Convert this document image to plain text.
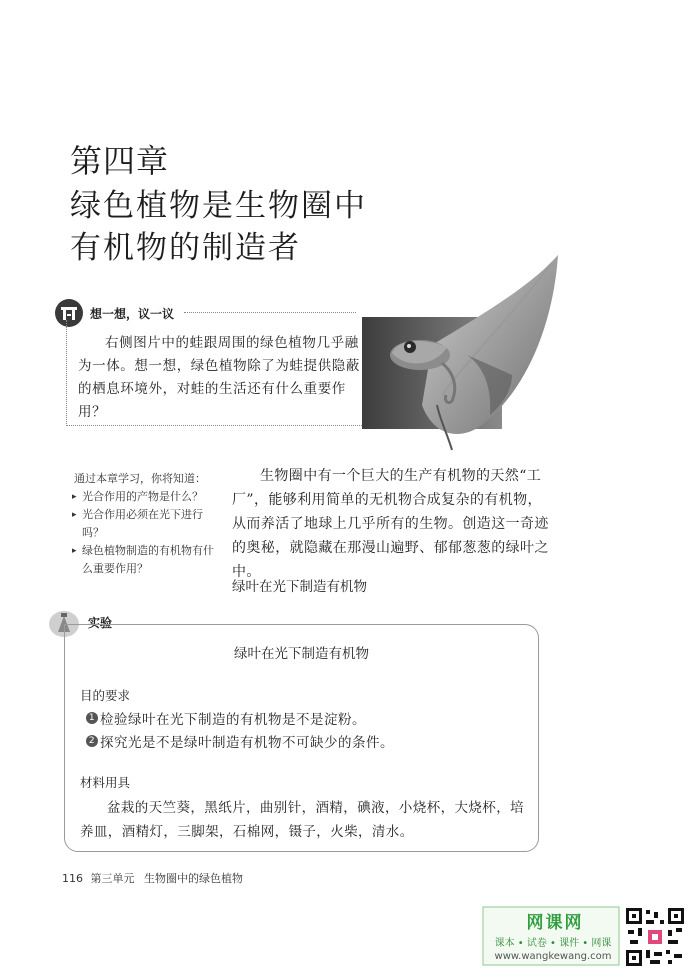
第四章
绿色植物是生物圈中
有机物的制造者
想一想，议一议
右侧图片中的蛙跟周围的绿色植物几乎融为一体。想一想，绿色植物除了为蛙提供隐蔽的栖息环境外，对蛙的生活还有什么重要作用？
通过本章学习，你将知道：
▸ 光合作用的产物是什么？
▸ 光合作用必须在光下进行吗？
▸ 绿色植物制造的有机物有什么重要作用？
生物圈中有一个巨大的生产有机物的天然“工厂”，能够利用简单的无机物合成复杂的有机物，从而养活了地球上几乎所有的生物。创造这一奇迹的奥秘，就隐藏在那漫山遍野、郁郁葱葱的绿叶之中。
绿叶在光下制造有机物
实验
绿叶在光下制造有机物
目的要求
1 检验绿叶在光下制造的有机物是不是淀粉。
2 探究光是不是绿叶制造有机物不可缺少的条件。
材料用具
盆栽的天竺葵，黑纸片，曲别针，酒精，碘液，小烧杯，大烧杯，培养皿，酒精灯，三脚架，石棉网，镊子，火柴，清水。
116 第三单元 生物圈中的绿色植物
网课网
课本 • 试卷 • 课件 • 网课
www.wangkewang.com
